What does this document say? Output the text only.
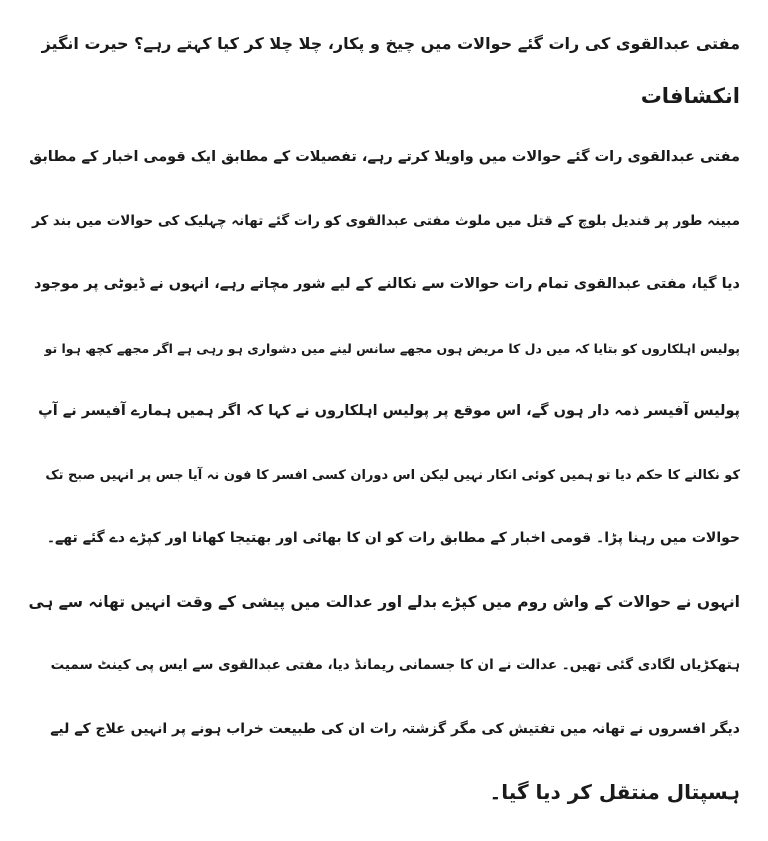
مفتی عبدالقوی کی رات گئے حوالات میں چیخ و پکار، چلا چلا کر کیا کہتے رہے؟ حیرت انگیز
انکشافات
مفتی عبدالقوی رات گئے حوالات میں واویلا کرتے رہے، تفصیلات کے مطابق ایک قومی اخبار کے مطابق
مبینہ طور پر قندیل بلوچ کے قتل میں ملوث مفتی عبدالقوی کو رات گئے تھانہ چہلیک کی حوالات میں بند کر
دیا گیا، مفتی عبدالقوی تمام رات حوالات سے نکالنے کے لیے شور مچاتے رہے، انہوں نے ڈیوٹی پر موجود
پولیس اہلکاروں کو بتایا کہ میں دل کا مریض ہوں مجھے سانس لینے میں دشواری ہو رہی ہے اگر مجھے کچھ ہوا تو
پولیس آفیسر ذمہ دار ہوں گے، اس موقع پر پولیس اہلکاروں نے کہا کہ اگر ہمیں ہمارے آفیسر نے آپ
کو نکالنے کا حکم دیا تو ہمیں کوئی انکار نہیں لیکن اس دوران کسی افسر کا فون نہ آیا جس پر انہیں صبح تک
حوالات میں رہنا پڑا۔ قومی اخبار کے مطابق رات کو ان کا بھائی اور بھتیجا کھانا اور کپڑے دے گئے تھے۔
انہوں نے حوالات کے واش روم میں کپڑے بدلے اور عدالت میں پیشی کے وقت انہیں تھانہ سے ہی
ہتھکڑیاں لگادی گئی تھیں۔ عدالت نے ان کا جسمانی ریمانڈ دیا، مفتی عبدالقوی سے ایس پی کینٹ سمیت
دیگر افسروں نے تھانہ میں تفتیش کی مگر گزشتہ رات ان کی طبیعت خراب ہونے پر انہیں علاج کے لیے
ہسپتال منتقل کر دیا گیا۔
